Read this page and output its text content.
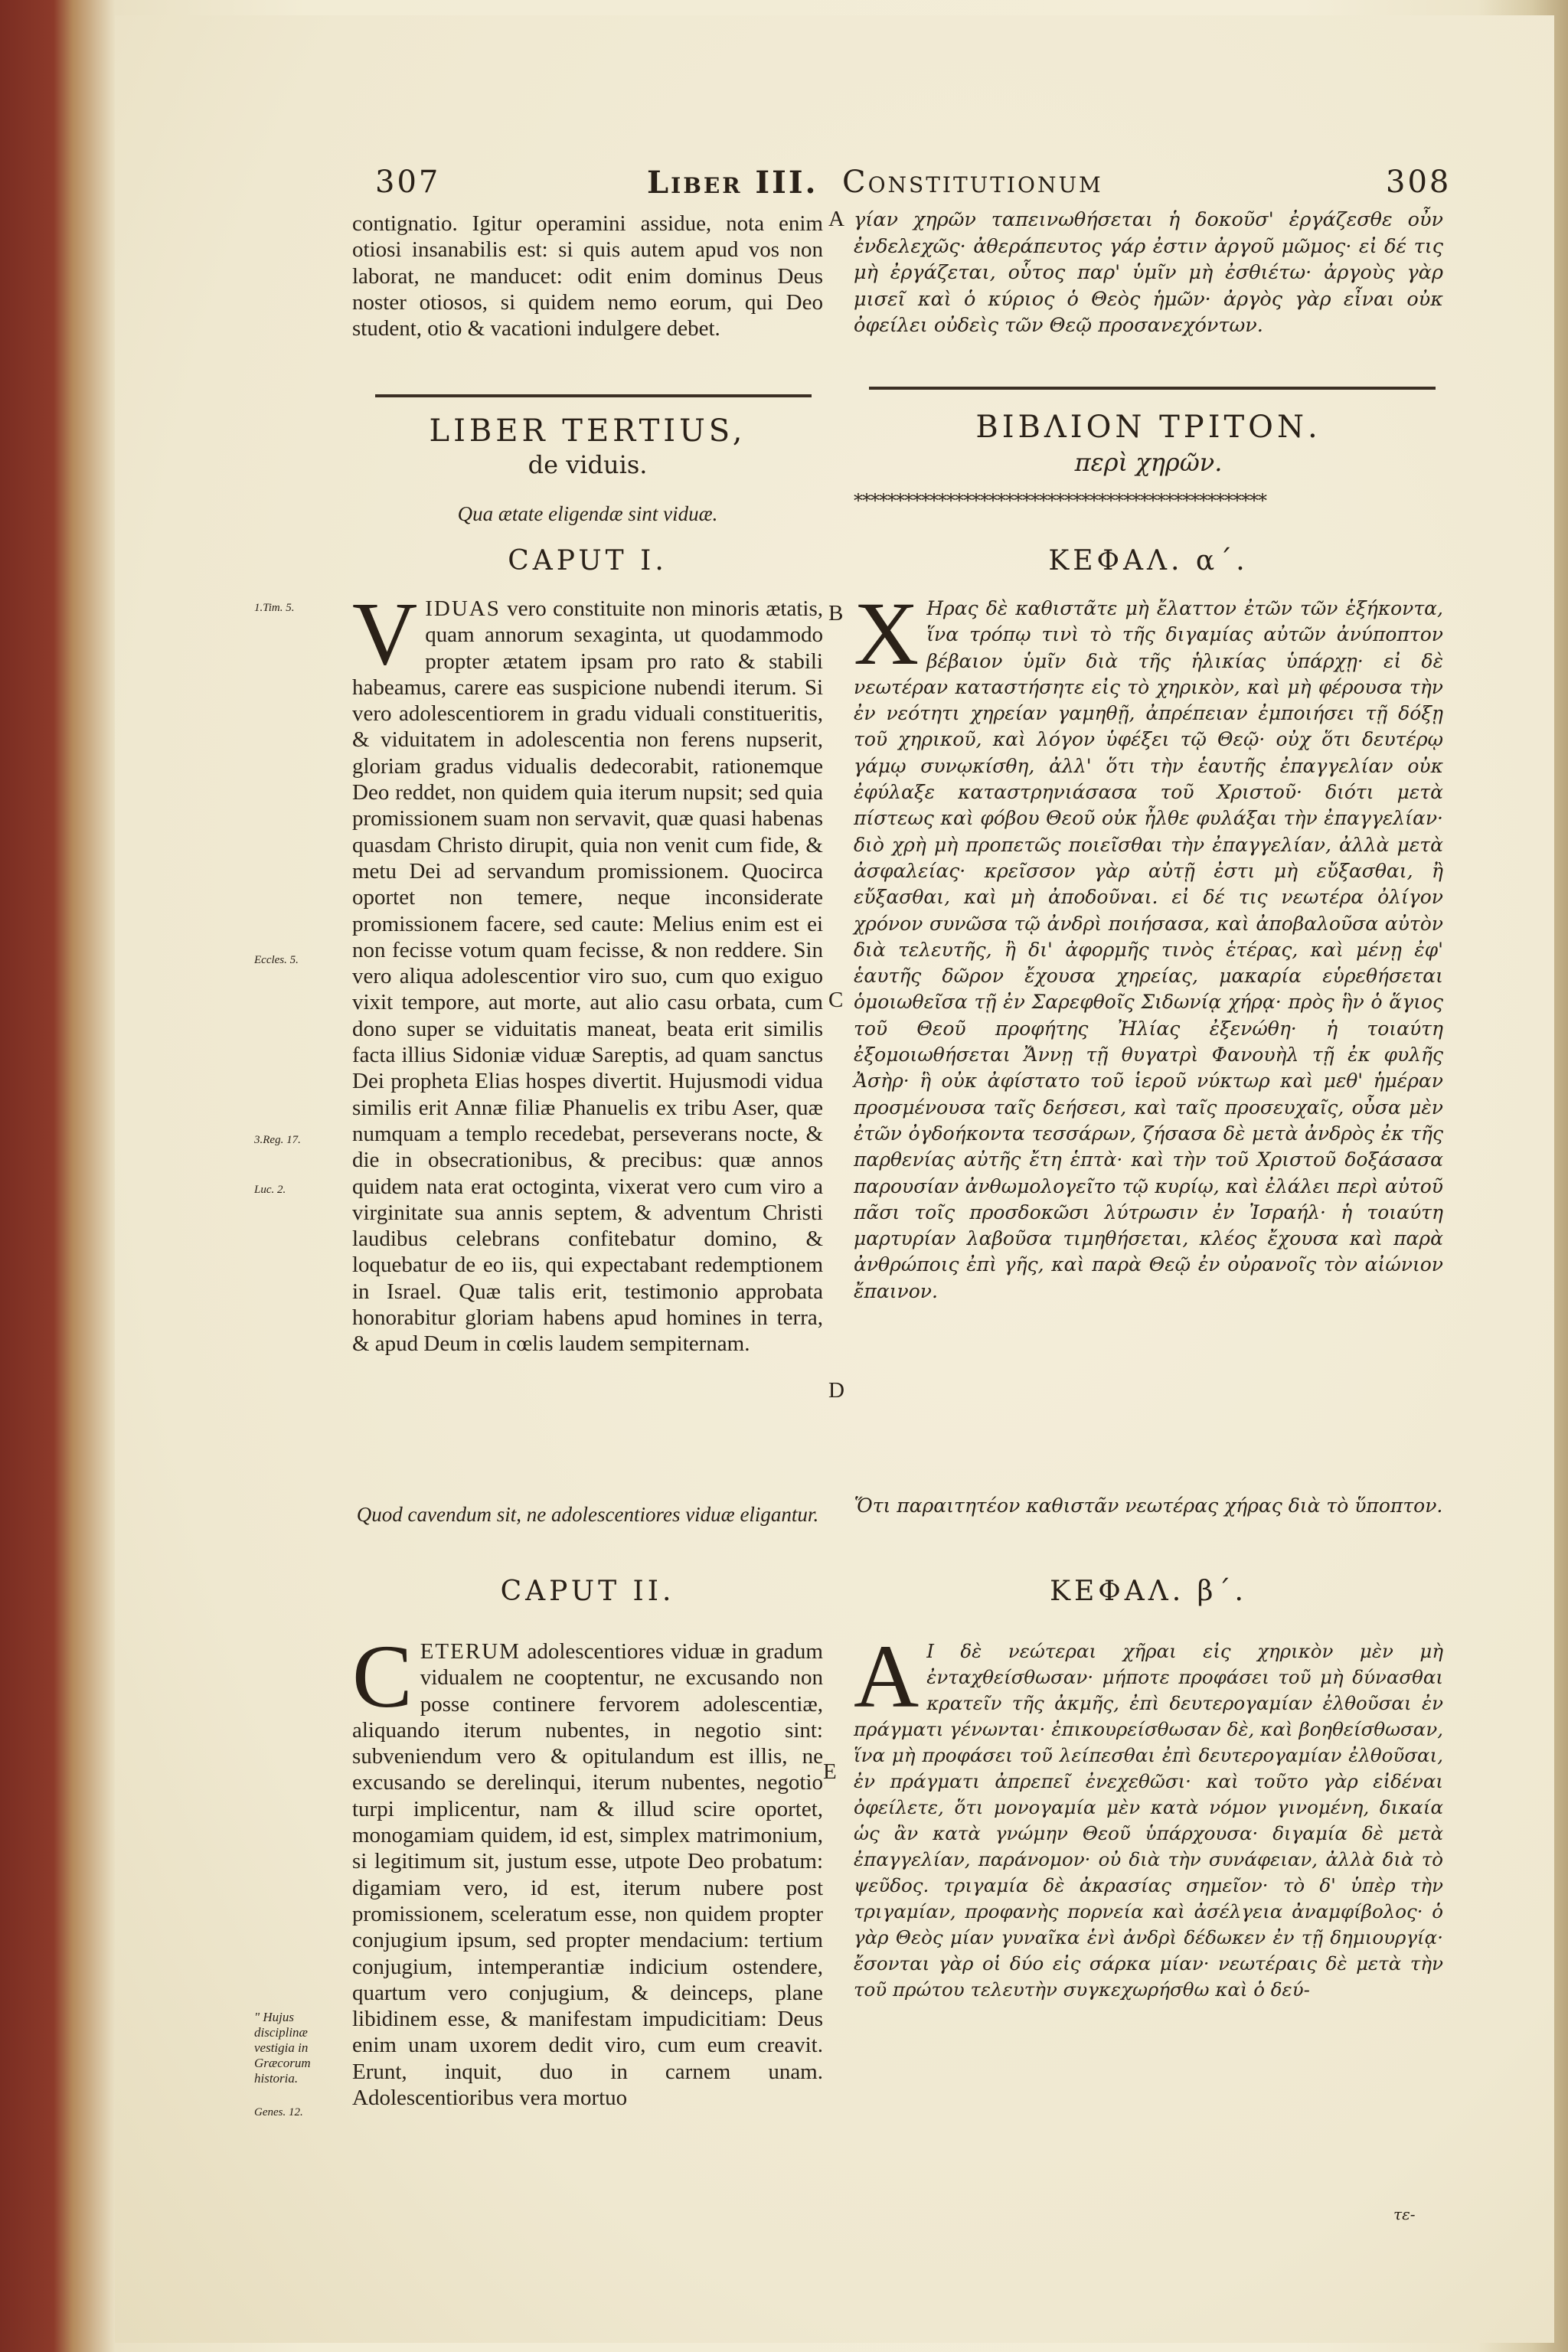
307	Liber III. Constitutionum	308
contignatio. Igitur operamini assidue, nota enim otiosi insanabilis est: si quis autem apud vos non laborat, ne manducet: odit enim dominus Deus noster otiosos, si quidem nemo eorum, qui Deo student, otio & vacationi indulgere debet.
γίαν χηρῶν ταπεινωθήσεται ἡ δοκοῦσ' ἐργάζεσθε οὖν ἐνδελεχῶς· ἀθεράπευτος γάρ ἐστιν ἀργοῦ μῶμος· εἰ δέ τις μὴ ἐργάζεται, οὗτος παρ' ὑμῖν μὴ ἐσθιέτω· ἀργοὺς γὰρ μισεῖ καὶ ὁ κύριος ὁ Θεὸς ἡμῶν· ἀργὸς γὰρ εἶναι οὐκ ὀφείλει οὐδεὶς τῶν Θεῷ προσανεχόντων.
LIBER TERTIUS,
de viduis.
Qua ætate eligendæ sint viduæ.
CAPUT I.
ΒΙΒΛΙΟΝ ΤΡΙΤΟΝ.
περὶ χηρῶν.
*************************************************
ΚΕΦΑΛ. α΄.

VIDUAS vero constituite non minoris ætatis, quam annorum sexaginta, ut quodammodo propter ætatem ipsam pro rato & stabili habeamus, carere eas suspicione nubendi iterum. Si vero adolescentiorem in gradu viduali constitueritis, & viduitatem in adolescentia non ferens nupserit, gloriam gradus vidualis dedecorabit, rationemque Deo reddet, non quidem quia iterum nupsit; sed quia promissionem suam non servavit, quæ quasi habenas quasdam Christo dirupit, quia non venit cum fide, & metu Dei ad servandum promissionem. Quocirca oportet non temere, neque inconsiderate promissionem facere, sed caute: Melius enim est ei non fecisse votum quam fecisse, & non reddere. Sin vero aliqua adolescentior viro suo, cum quo exiguo vixit tempore, aut morte, aut alio casu orbata, cum dono super se viduitatis maneat, beata erit similis facta illius Sidoniæ viduæ Sareptis, ad quam sanctus Dei propheta Elias hospes divertit. Hujusmodi vidua similis erit Annæ filiæ Phanuelis ex tribu Aser, quæ numquam a templo recedebat, perseverans nocte, & die in obsecrationibus, & precibus: quæ annos quidem nata erat octoginta, vixerat vero cum viro a virginitate sua annis septem, & adventum Christi laudibus celebrans confitebatur domino, & loquebatur de eo iis, qui expectabant redemptionem in Israel. Quæ talis erit, testimonio approbata honorabitur gloriam habens apud homines in terra, & apud Deum in cœlis laudem sempiternam.

Χ Ηρας δὲ καθιστᾶτε μὴ ἔλαττον ἐτῶν τῶν ἑξήκοντα, ἵνα τρόπῳ τινὶ τὸ τῆς διγαμίας αὐτῶν ἀνύποπτον βέβαιον ὑμῖν διὰ τῆς ἡλικίας ὑπάρχῃ· εἰ δὲ νεωτέραν καταστήσητε εἰς τὸ χηρικὸν, καὶ μὴ φέρουσα τὴν ἐν νεότητι χηρείαν γαμηθῇ, ἀπρέπειαν ἐμποιήσει τῇ δόξῃ τοῦ χηρικοῦ, καὶ λόγον ὑφέξει τῷ Θεῷ· οὐχ ὅτι δευτέρῳ γάμῳ συνῳκίσθη, ἀλλ' ὅτι τὴν ἑαυτῆς ἐπαγγελίαν οὐκ ἐφύλαξε καταστρηνιάσασα τοῦ Χριστοῦ· διότι μετὰ πίστεως καὶ φόβου Θεοῦ οὐκ ἦλθε φυλάξαι τὴν ἐπαγγελίαν· διὸ χρὴ μὴ προπετῶς ποιεῖσθαι τὴν ἐπαγγελίαν, ἀλλὰ μετὰ ἀσφαλείας· κρεῖσσον γὰρ αὐτῇ ἐστι μὴ εὔξασθαι, ἢ εὔξασθαι, καὶ μὴ ἀποδοῦναι. εἰ δέ τις νεωτέρα ὀλίγον χρόνον συνῶσα τῷ ἀνδρὶ ποιήσασα, καὶ ἀποβαλοῦσα αὐτὸν διὰ τελευτῆς, ἢ δι' ἀφορμῆς τινὸς ἑτέρας, καὶ μένῃ ἐφ' ἑαυτῆς δῶρον ἔχουσα χηρείας, μακαρία εὑρεθήσεται ὁμοιωθεῖσα τῇ ἐν Σαρεφθοῖς Σιδωνίᾳ χήρᾳ· πρὸς ἣν ὁ ἅγιος τοῦ Θεοῦ προφήτης Ἠλίας ἐξενώθη· ἡ τοιαύτη ἐξομοιωθήσεται Ἄννῃ τῇ θυγατρὶ Φανουὴλ τῇ ἐκ φυλῆς Ἀσὴρ· ἣ οὐκ ἀφίστατο τοῦ ἱεροῦ νύκτωρ καὶ μεθ' ἡμέραν προσμένουσα ταῖς δεήσεσι, καὶ ταῖς προσευχαῖς, οὖσα μὲν ἐτῶν ὀγδοήκοντα τεσσάρων, ζήσασα δὲ μετὰ ἀνδρὸς ἐκ τῆς παρθενίας αὐτῆς ἔτη ἑπτὰ· καὶ τὴν τοῦ Χριστοῦ δοξάσασα παρουσίαν ἀνθωμολογεῖτο τῷ κυρίῳ, καὶ ἐλάλει περὶ αὐτοῦ πᾶσι τοῖς προσδοκῶσι λύτρωσιν ἐν Ἰσραήλ· ἡ τοιαύτη μαρτυρίαν λαβοῦσα τιμηθήσεται, κλέος ἔχουσα καὶ παρὰ ἀνθρώποις ἐπὶ γῆς, καὶ παρὰ Θεῷ ἐν οὐρανοῖς τὸν αἰώνιον ἔπαινον.

Quod cavendum sit, ne adolescentiores viduæ eligantur.
CAPUT II.
Ὅτι παραιτητέον καθιστᾶν νεωτέρας χήρας διὰ τὸ ὕποπτον.
ΚΕΦΑΛ. β΄.

CETERUM adolescentiores viduæ in gradum vidualem ne cooptentur, ne excusando non posse continere fervorem adolescentiæ, aliquando iterum nubentes, in negotio sint: subveniendum vero & opitulandum est illis, ne excusando se derelinqui, iterum nubentes, negotio turpi implicentur, nam & illud scire oportet, monogamiam quidem, id est, simplex matrimonium, si legitimum sit, justum esse, utpote Deo probatum: digamiam vero, id est, iterum nubere post promissionem, sceleratum esse, non quidem propter conjugium ipsum, sed propter mendacium: tertium conjugium, intemperantiæ indicium ostendere, quartum vero conjugium, & deinceps, plane libidinem esse, & manifestam impudicitiam: Deus enim unam uxorem dedit viro, cum eum creavit. Erunt, inquit, duo in carnem unam. Adolescentioribus vera mortuo

Α Ι δὲ νεώτεραι χῆραι εἰς χηρικὸν μὲν μὴ ἐνταχθείσθωσαν· μήποτε προφάσει τοῦ μὴ δύνασθαι κρατεῖν τῆς ἀκμῆς, ἐπὶ δευτερογαμίαν ἐλθοῦσαι ἐν πράγματι γένωνται· ἐπικουρείσθωσαν δὲ, καὶ βοηθείσθωσαν, ἵνα μὴ προφάσει τοῦ λείπεσθαι ἐπὶ δευτερογαμίαν ἐλθοῦσαι, ἐν πράγματι ἀπρεπεῖ ἐνεχεθῶσι· καὶ τοῦτο γὰρ εἰδέναι ὀφείλετε, ὅτι μονογαμία μὲν κατὰ νόμον γινομένη, δικαία ὡς ἂν κατὰ γνώμην Θεοῦ ὑπάρχουσα· διγαμία δὲ μετὰ ἐπαγγελίαν, παράνομον· οὐ διὰ τὴν συνάφειαν, ἀλλὰ διὰ τὸ ψεῦδος. τριγαμία δὲ ἀκρασίας σημεῖον· τὸ δ' ὑπὲρ τὴν τριγαμίαν, προφανὴς πορνεία καὶ ἀσέλγεια ἀναμφίβολος· ὁ γὰρ Θεὸς μίαν γυναῖκα ἑνὶ ἀνδρὶ δέδωκεν ἐν τῇ δημιουργίᾳ· ἔσονται γὰρ οἱ δύο εἰς σάρκα μίαν· νεωτέραις δὲ μετὰ τὴν τοῦ πρώτου τελευτὴν συγκεχωρήσθω καὶ ὁ δεύ-

τε-
1.Tim. 5.
Eccles. 5.
3.Reg. 17.
Luc. 2.
" Hujus disciplinæ vestigia in Græcorum historia.
Genes. 12.
A
B
C
D
E
